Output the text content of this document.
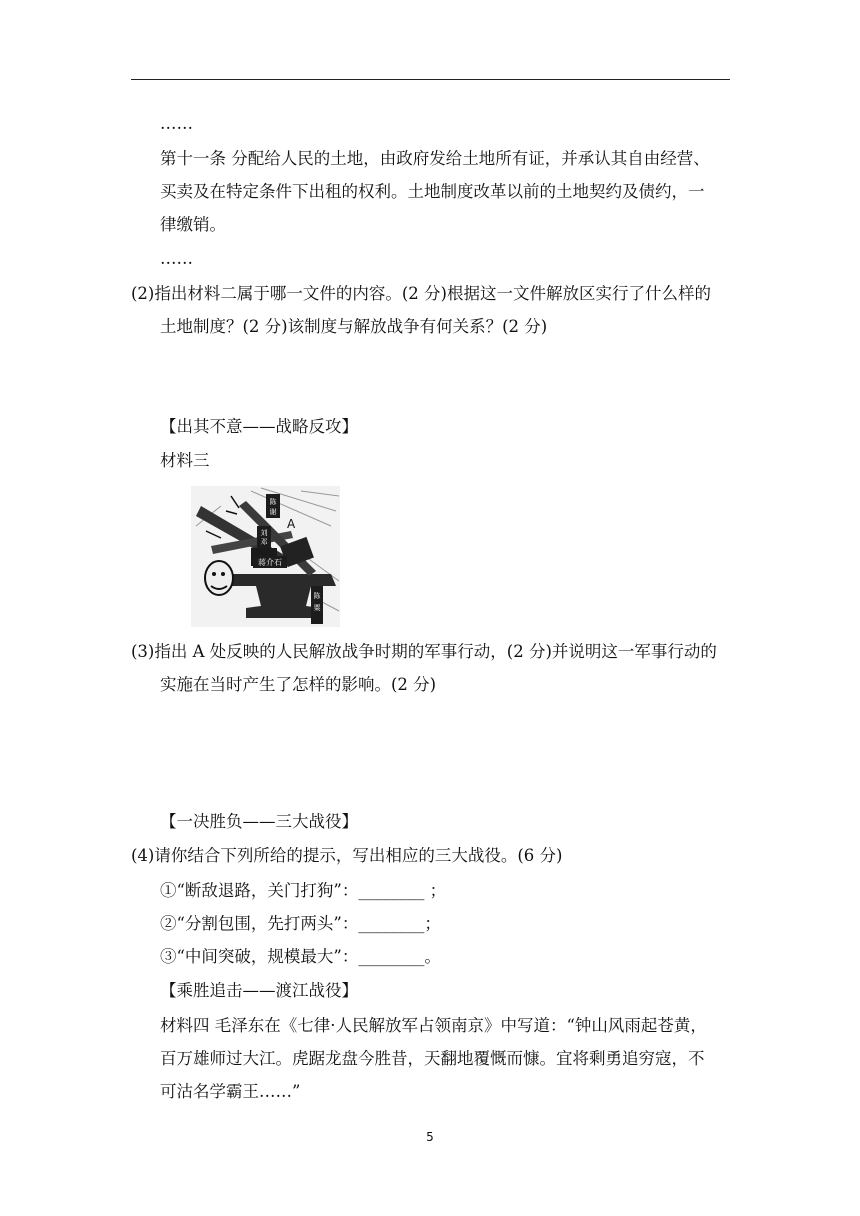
……

第十一条 分配给人民的土地，由政府发给土地所有证，并承认其自由经营、

买卖及在特定条件下出租的权利。土地制度改革以前的土地契约及债约，一

律缴销。

……

(2)指出材料二属于哪一文件的内容。(2 分)根据这一文件解放区实行了什么样的

土地制度？(2 分)该制度与解放战争有何关系？(2 分)

【出其不意——战略反攻】

材料三

陈
谢
A
刘
邓
蒋介石
陈
粟

(3)指出 A 处反映的人民解放战争时期的军事行动，(2 分)并说明这一军事行动的

实施在当时产生了怎样的影响。(2 分)

【一决胜负——三大战役】

(4)请你结合下列所给的提示，写出相应的三大战役。(6 分)

①“断敌退路，关门打狗”：________ ；

②“分割包围，先打两头”：________；

③“中间突破，规模最大”：________。

【乘胜追击——渡江战役】

材料四 毛泽东在《七律·人民解放军占领南京》中写道：“钟山风雨起苍黄，

百万雄师过大江。虎踞龙盘今胜昔，天翻地覆慨而慷。宜将剩勇追穷寇，不

可沽名学霸王……”

5
